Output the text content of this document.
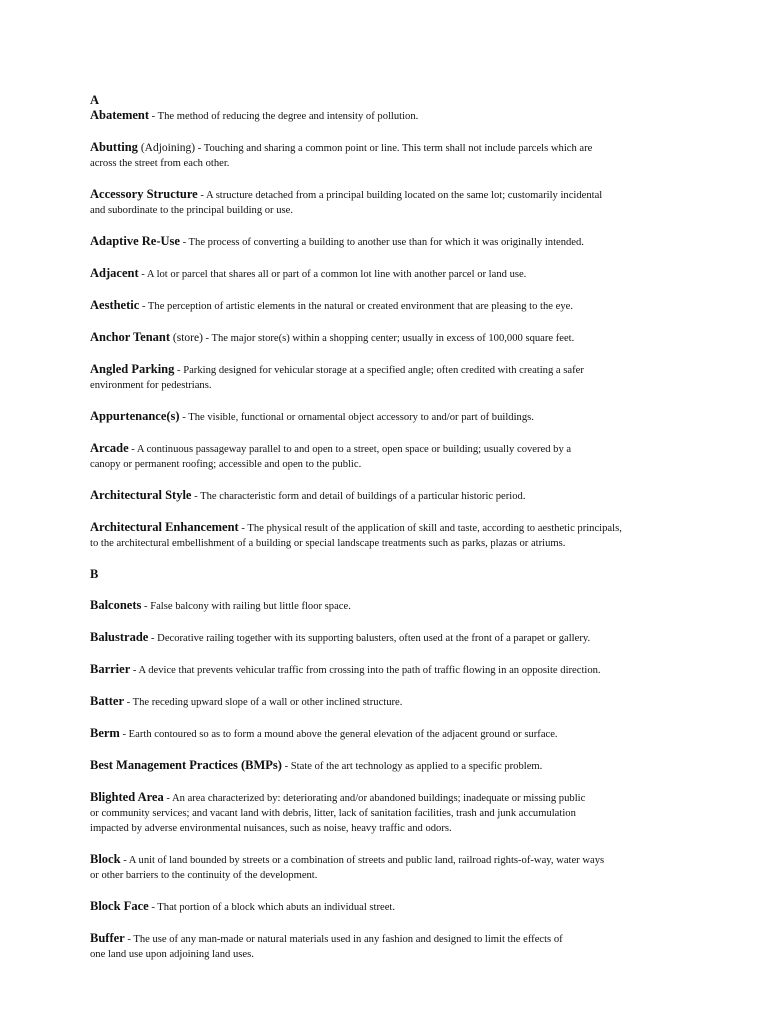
A
Abatement - The method of reducing the degree and intensity of pollution.
Abutting (Adjoining) - Touching and sharing a common point or line. This term shall not include parcels which are
across the street from each other.
Accessory Structure - A structure detached from a principal building located on the same lot; customarily incidental
and subordinate to the principal building or use.
Adaptive Re-Use - The process of converting a building to another use than for which it was originally intended.
Adjacent - A lot or parcel that shares all or part of a common lot line with another parcel or land use.
Aesthetic - The perception of artistic elements in the natural or created environment that are pleasing to the eye.
Anchor Tenant (store) - The major store(s) within a shopping center; usually in excess of 100,000 square feet.
Angled Parking - Parking designed for vehicular storage at a specified angle; often credited with creating a safer
environment for pedestrians.
Appurtenance(s) - The visible, functional or ornamental object accessory to and/or part of buildings.
Arcade - A continuous passageway parallel to and open to a street, open space or building; usually covered by a
canopy or permanent roofing; accessible and open to the public.
Architectural Style - The characteristic form and detail of buildings of a particular historic period.
Architectural Enhancement - The physical result of the application of skill and taste, according to aesthetic principals,
to the architectural embellishment of a building or special landscape treatments such as parks, plazas or atriums.
B
Balconets - False balcony with railing but little floor space.
Balustrade - Decorative railing together with its supporting balusters, often used at the front of a parapet or gallery.
Barrier - A device that prevents vehicular traffic from crossing into the path of traffic flowing in an opposite direction.
Batter - The receding upward slope of a wall or other inclined structure.
Berm - Earth contoured so as to form a mound above the general elevation of the adjacent ground or surface.
Best Management Practices (BMPs) - State of the art technology as applied to a specific problem.
Blighted Area - An area characterized by: deteriorating and/or abandoned buildings; inadequate or missing public
or community services; and vacant land with debris, litter, lack of sanitation facilities, trash and junk accumulation
impacted by adverse environmental nuisances, such as noise, heavy traffic and odors.
Block - A unit of land bounded by streets or a combination of streets and public land, railroad rights-of-way, water ways
or other barriers to the continuity of the development.
Block Face - That portion of a block which abuts an individual street.
Buffer - The use of any man-made or natural materials used in any fashion and designed to limit the effects of
one land use upon adjoining land uses.
